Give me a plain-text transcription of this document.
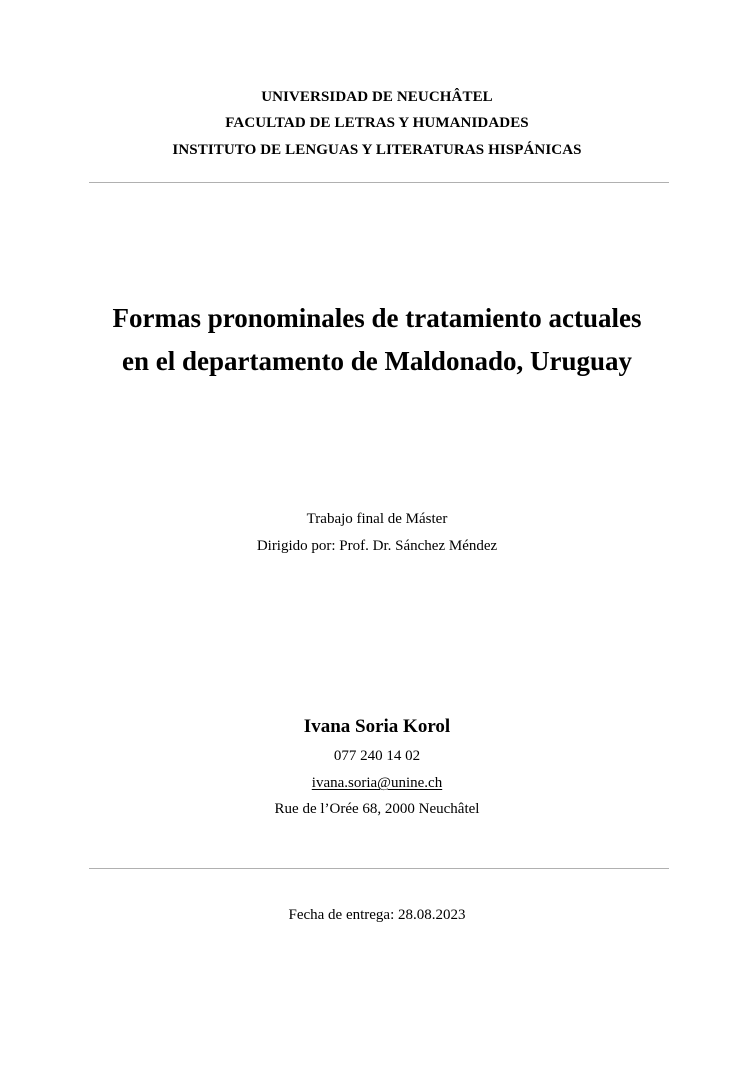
UNIVERSIDAD DE NEUCHÂTEL
FACULTAD DE LETRAS Y HUMANIDADES
INSTITUTO DE LENGUAS Y LITERATURAS HISPÁNICAS
Formas pronominales de tratamiento actuales
en el departamento de Maldonado, Uruguay
Trabajo final de Máster
Dirigido por: Prof. Dr. Sánchez Méndez
Ivana Soria Korol
077 240 14 02
ivana.soria@unine.ch
Rue de l’Orée 68, 2000 Neuchâtel
Fecha de entrega: 28.08.2023
